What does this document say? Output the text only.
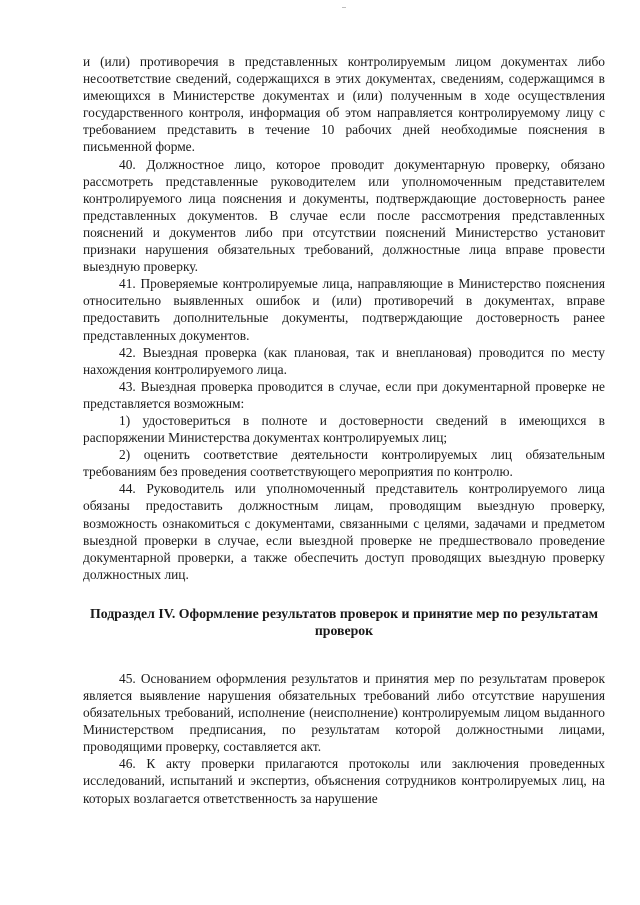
..

и (или) противоречия в представленных контролируемым лицом документах либо несоответствие сведений, содержащихся в этих документах, сведениям, содержащимся в имеющихся в Министерстве документах и (или) полученным в ходе осуществления государственного контроля, информация об этом направляется контролируемому лицу с требованием представить в течение 10 рабочих дней необходимые пояснения в письменной форме.

40. Должностное лицо, которое проводит документарную проверку, обязано рассмотреть представленные руководителем или уполномоченным представителем контролируемого лица пояснения и документы, подтверждающие достоверность ранее представленных документов. В случае если после рассмотрения представленных пояснений и документов либо при отсутствии пояснений Министерство установит признаки нарушения обязательных требований, должностные лица вправе провести выездную проверку.

41. Проверяемые контролируемые лица, направляющие в Министерство пояснения относительно выявленных ошибок и (или) противоречий в документах, вправе предоставить дополнительные документы, подтверждающие достоверность ранее представленных документов.

42. Выездная проверка (как плановая, так и внеплановая) проводится по месту нахождения контролируемого лица.

43. Выездная проверка проводится в случае, если при документарной проверке не представляется возможным:

1) удостовериться в полноте и достоверности сведений в имеющихся в распоряжении Министерства документах контролируемых лиц;

2) оценить соответствие деятельности контролируемых лиц обязательным требованиям без проведения соответствующего мероприятия по контролю.

44. Руководитель или уполномоченный представитель контролируемого лица обязаны предоставить должностным лицам, проводящим выездную проверку, возможность ознакомиться с документами, связанными с целями, задачами и предметом выездной проверки в случае, если выездной проверке не предшествовало проведение документарной проверки, а также обеспечить доступ проводящих выездную проверку должностных лиц.

Подраздел IV. Оформление результатов проверок и принятие мер по результатам проверок

45. Основанием оформления результатов и принятия мер по результатам проверок является выявление нарушения обязательных требований либо отсутствие нарушения обязательных требований, исполнение (неисполнение) контролируемым лицом выданного Министерством предписания, по результатам которой должностными лицами, проводящими проверку, составляется акт.

46. К акту проверки прилагаются протоколы или заключения проведенных исследований, испытаний и экспертиз, объяснения сотрудников контролируемых лиц, на которых возлагается ответственность за нарушение
